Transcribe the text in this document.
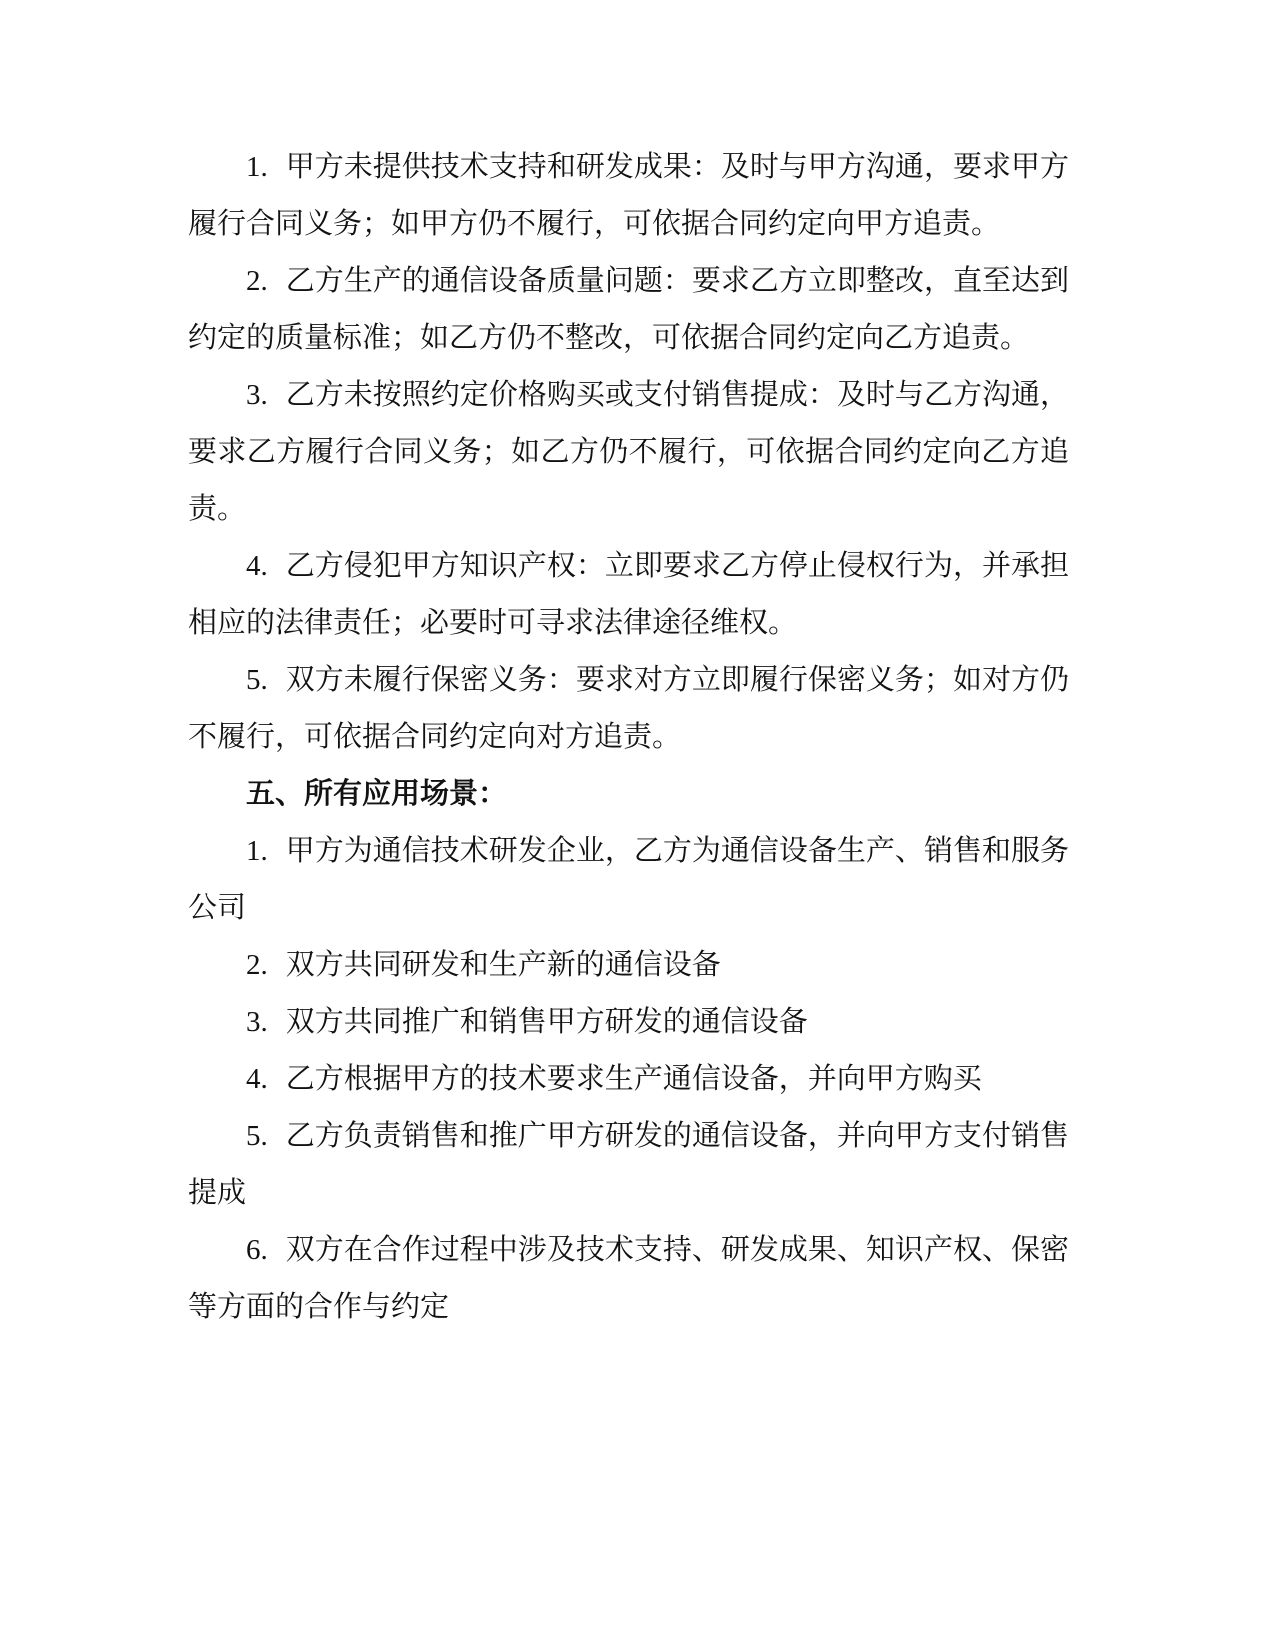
1. 甲方未提供技术支持和研发成果：及时与甲方沟通，要求甲方履行合同义务；如甲方仍不履行，可依据合同约定向甲方追责。

2. 乙方生产的通信设备质量问题：要求乙方立即整改，直至达到约定的质量标准；如乙方仍不整改，可依据合同约定向乙方追责。

3. 乙方未按照约定价格购买或支付销售提成：及时与乙方沟通，要求乙方履行合同义务；如乙方仍不履行，可依据合同约定向乙方追责。

4. 乙方侵犯甲方知识产权：立即要求乙方停止侵权行为，并承担相应的法律责任；必要时可寻求法律途径维权。

5. 双方未履行保密义务：要求对方立即履行保密义务；如对方仍不履行，可依据合同约定向对方追责。

五、所有应用场景：

1. 甲方为通信技术研发企业，乙方为通信设备生产、销售和服务公司

2. 双方共同研发和生产新的通信设备

3. 双方共同推广和销售甲方研发的通信设备

4. 乙方根据甲方的技术要求生产通信设备，并向甲方购买

5. 乙方负责销售和推广甲方研发的通信设备，并向甲方支付销售提成

6. 双方在合作过程中涉及技术支持、研发成果、知识产权、保密等方面的合作与约定
